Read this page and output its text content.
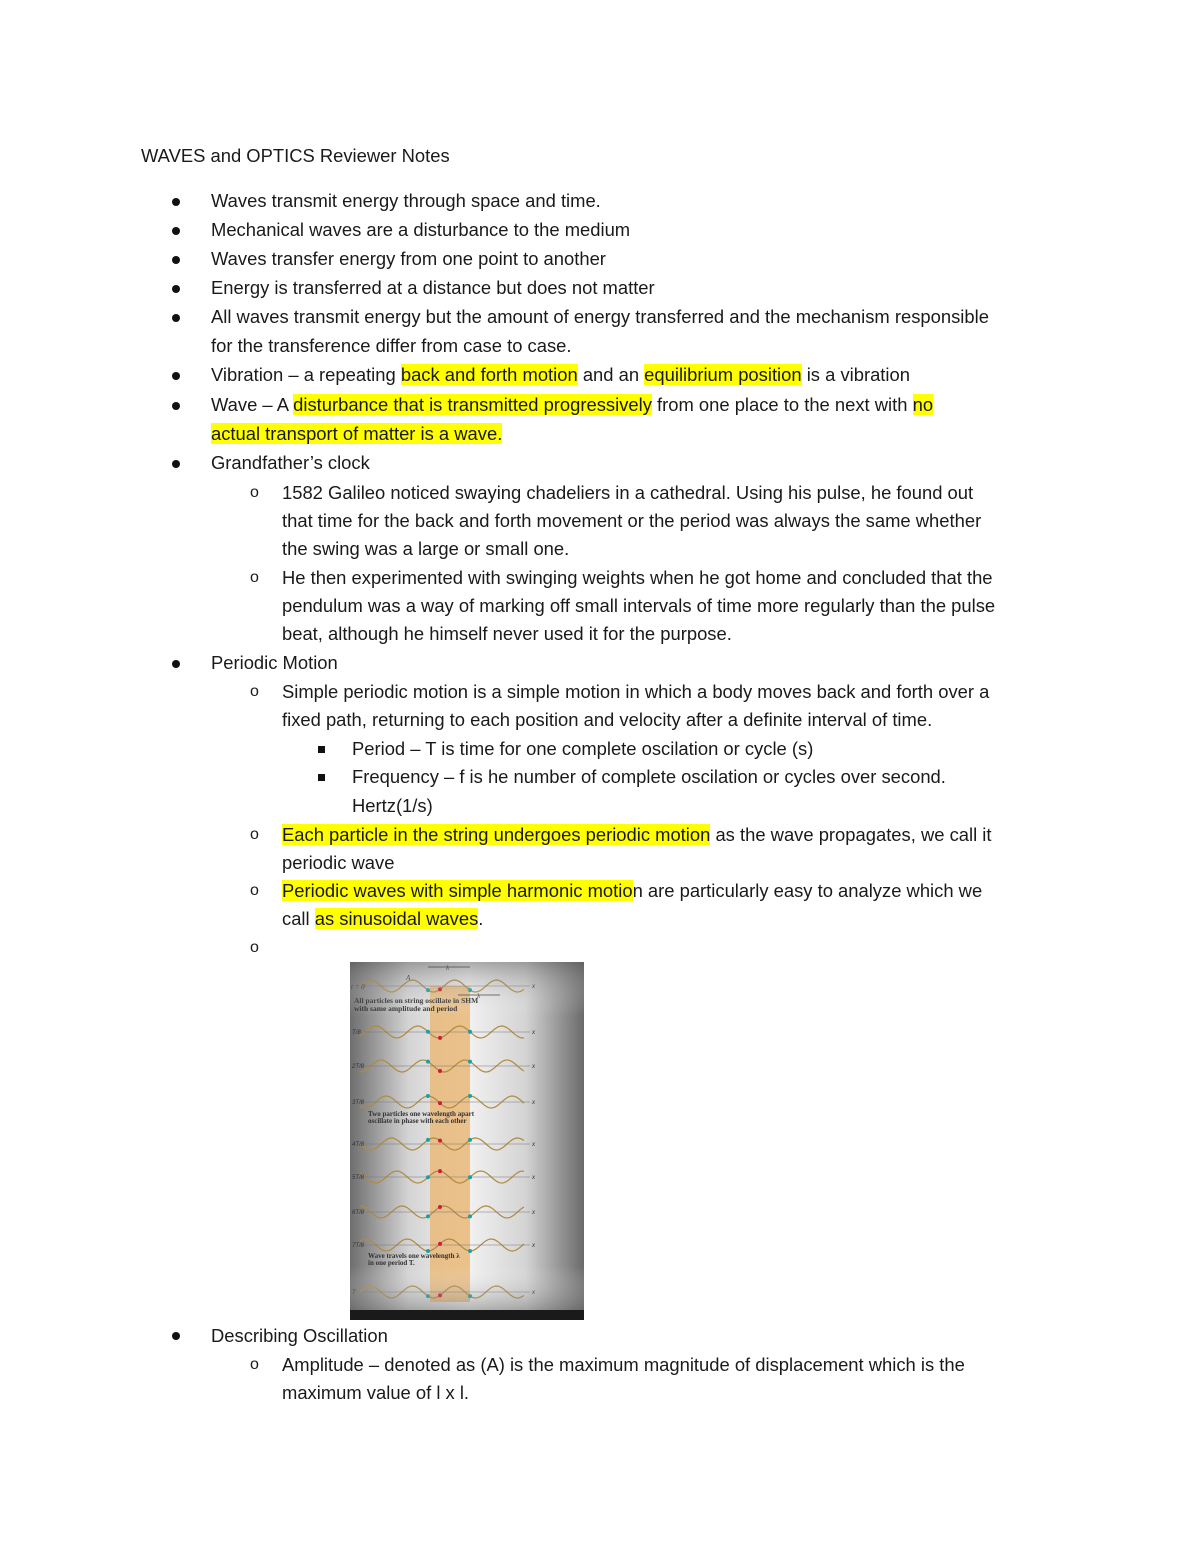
WAVES and OPTICS Reviewer Notes
Waves transmit energy through space and time.
Mechanical waves are a disturbance to the medium
Waves transfer energy from one point to another
Energy is transferred at a distance but does not matter
All waves transmit energy but the amount of energy transferred and the mechanism responsible
for the transference differ from case to case.
Vibration – a repeating back and forth motion and an equilibrium position is a vibration
Wave – A disturbance that is transmitted progressively from one place to the next with no
actual transport of matter is a wave.
Grandfather’s clock
o 1582 Galileo noticed swaying chadeliers in a cathedral. Using his pulse, he found out
that time for the back and forth movement or the period was always the same whether
the swing was a large or small one.
o He then experimented with swinging weights when he got home and concluded that the
pendulum was a way of marking off small intervals of time more regularly than the pulse
beat, although he himself never used it for the purpose.
Periodic Motion
o Simple periodic motion is a simple motion in which a body moves back and forth over a
fixed path, returning to each position and velocity after a definite interval of time.
Period – T is time for one complete oscilation or cycle (s)
Frequency – f is he number of complete oscilation or cycles over second.
Hertz(1/s)
o Each particle in the string undergoes periodic motion as the wave propagates, we call it
periodic wave
o Periodic waves with simple harmonic motion are particularly easy to analyze which we
call as sinusoidal waves.
o
Describing Oscillation
o Amplitude – denoted as (A) is the maximum magnitude of displacement which is the
maximum value of l x l.
